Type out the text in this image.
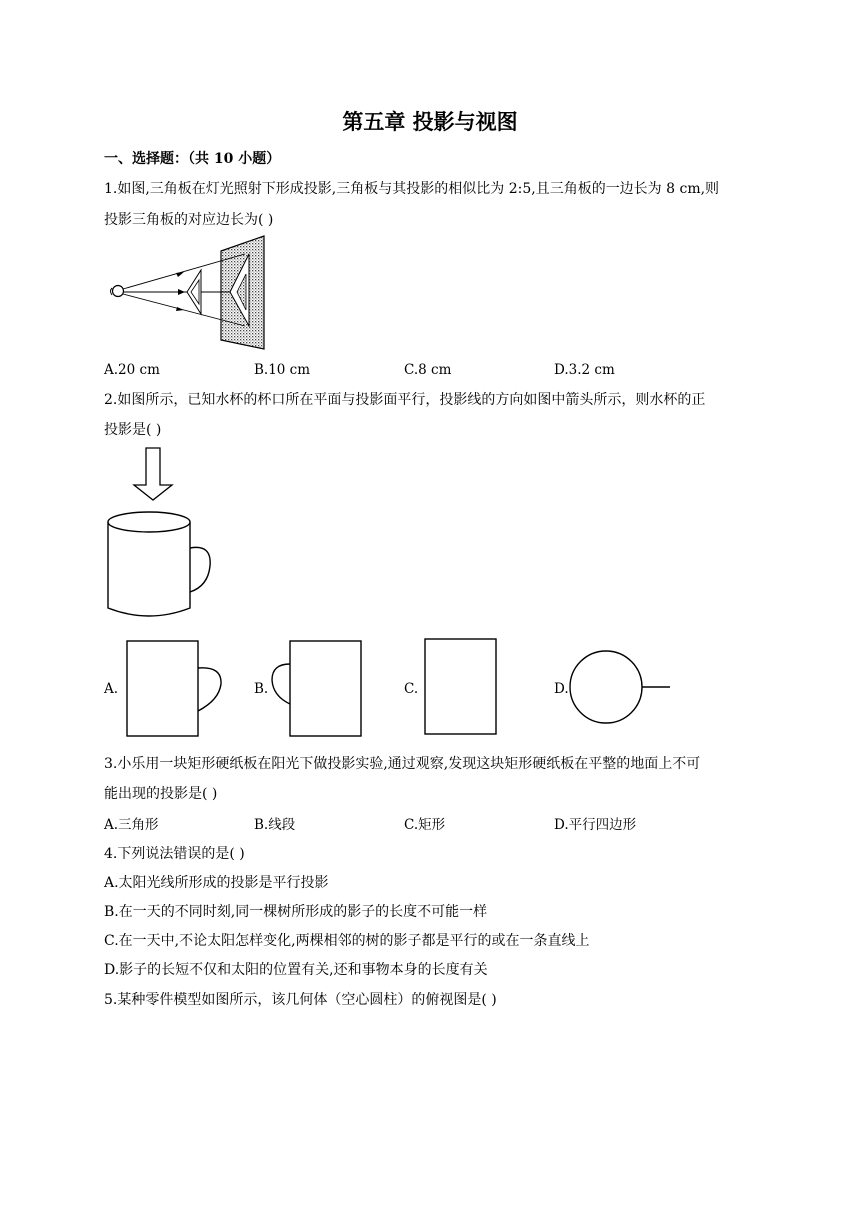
第五章 投影与视图
一、选择题：（共 10 小题）
1.如图,三角板在灯光照射下形成投影,三角板与其投影的相似比为 2:5,且三角板的一边长为 8 cm,则
投影三角板的对应边长为( )
A.20 cm	B.10 cm	C.8 cm	D.3.2 cm
2.如图所示，已知水杯的杯口所在平面与投影面平行，投影线的方向如图中箭头所示，则水杯的正
投影是( )
A.	B.	C.	D.
3.小乐用一块矩形硬纸板在阳光下做投影实验,通过观察,发现这块矩形硬纸板在平整的地面上不可
能出现的投影是( )
A.三角形	B.线段	C.矩形	D.平行四边形
4.下列说法错误的是( )
A.太阳光线所形成的投影是平行投影
B.在一天的不同时刻,同一棵树所形成的影子的长度不可能一样
C.在一天中,不论太阳怎样变化,两棵相邻的树的影子都是平行的或在一条直线上
D.影子的长短不仅和太阳的位置有关,还和事物本身的长度有关
5.某种零件模型如图所示，该几何体（空心圆柱）的俯视图是( )
